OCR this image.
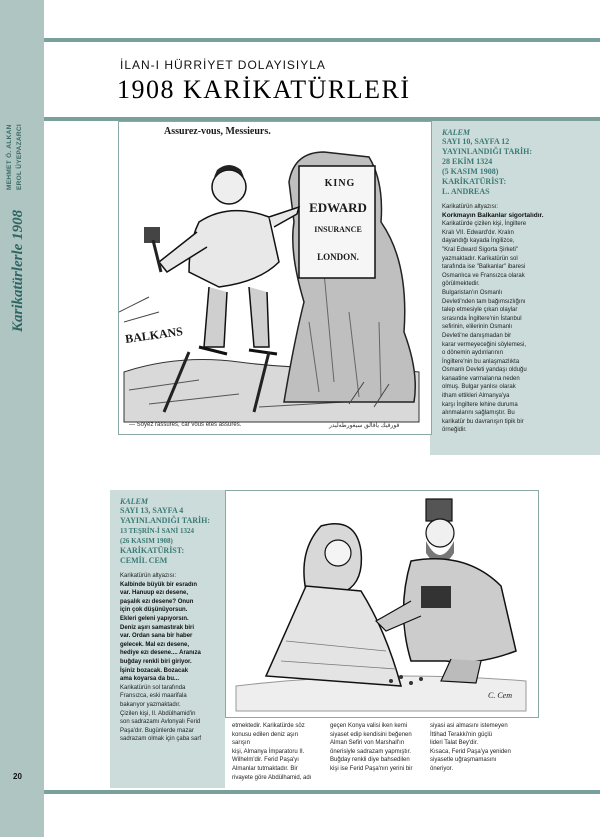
MEHMET Ö. ALKAN EROL ÜYEPAZARCI
Karikatürlerle 1908
20
İLAN-I HÜRRİYET DOLAYISIYLA
1908 KARİKATÜRLERİ
Assurez-vous, Messieurs.
KING
EDWARD
INSURANCE
LONDON.
BALKANS
— Soyez rassurés, car vous êtes assurés.	قورقیك یاقالق سیغورطه‌لیدر
KALEM
SAYI 10, SAYFA 12
YAYINLANDIĞI TARİH:
28 EKİM 1324
(5 KASIM 1908)
KARİKATÜRİST:
L. ANDREAS
Karikatürün altyazısı:
Korkmayın Balkanlar sigortalıdır.
Karikatürde çizilen kişi, İngiltere
Kralı VII. Edward'dır. Kralın
dayandığı kayada İngilizce,
"Kral Edward Sigorta Şirketi"
yazmaktadır. Karikatürün sol
tarafında ise "Balkanlar" ibaresi
Osmanlıca ve Fransızca olarak
görülmektedir.
Bulgaristan'ın Osmanlı
Devleti'nden tam bağımsızlığını
talep etmesiyle çıkan olaylar
sırasında İngiltere'nin İstanbul
sefirinin, elilerinin Osmanlı
Devleti'ne danışmadan bir
karar vermeyeceğini söylemesi,
o dönemin aydınlarının
İngiltere'nin bu anlaşmazlıkta
Osmanlı Devleti yandaşı olduğu
kanaatine varmalarına neden
olmuş. Bulgar yanlısı olarak
itham ettikleri Almanya'ya
karşı İngiltere lehine duruma
alınmalarını sağlamıştır. Bu
karikatür bu davranışın tipik bir
örneğidir.
C. Cem
KALEM
SAYI 13, SAYFA 4
YAYINLANDIĞI TARİH:
13 TEŞRİN-İ SANİ 1324
(26 KASIM 1908)
KARİKATÜRİST:
CEMİL CEM
Karikatürün altyazısı:
Kalbinde büyük bir esradın
var. Hanuup ezı desene,
paşalık ezı desene? Onun
için çok düşünüyorsun.
Ekleri geleni yapıyorsın.
Deniz aşırı samastırak biri
var. Ordan sana bir haber
gelecek. Mal ezı desene,
hediye ezı desene.... Aranıza
buğday renkli biri giriyor.
İşiniz bozacak. Bozacak
ama koyarsa da bu...
Karikatürün sol tarafında
Fransızca, eski maarifala
bakarıyor yazmaktadır.
Çizilen kişi, II. Abdülhamid'in
son sadrazamı Avlonyalı Ferid
Paşa'dır. Bugünlerde mazar
sadrazam olmak için çaba sarf
etmektedir. Karikatürde söz
konusu edilen deniz aşırı sarışın
kişi, Almanya İmparatoru II.
Wilhelm'dir. Ferid Paşa'yı
Almanlar tutmaktadır. Bir
rivayete göre Abdülhamid, adı
geçen Konya valisi iken kemi
siyaset edip kendisini beğenen
Alman Sefiri von Marshall'ın
önerisiyle sadrazam yapmıştır.
Buğday renkli diye bahsedilen
kişi ise Ferid Paşa'nın yerini bir
siyasi asi almasını istemeyen
İttihad Terakki'nin güçlü
lideri Talat Bey'dir.
Kısaca, Ferid Paşa'ya yeniden
siyasetle uğraşmamasını
öneriyor.
